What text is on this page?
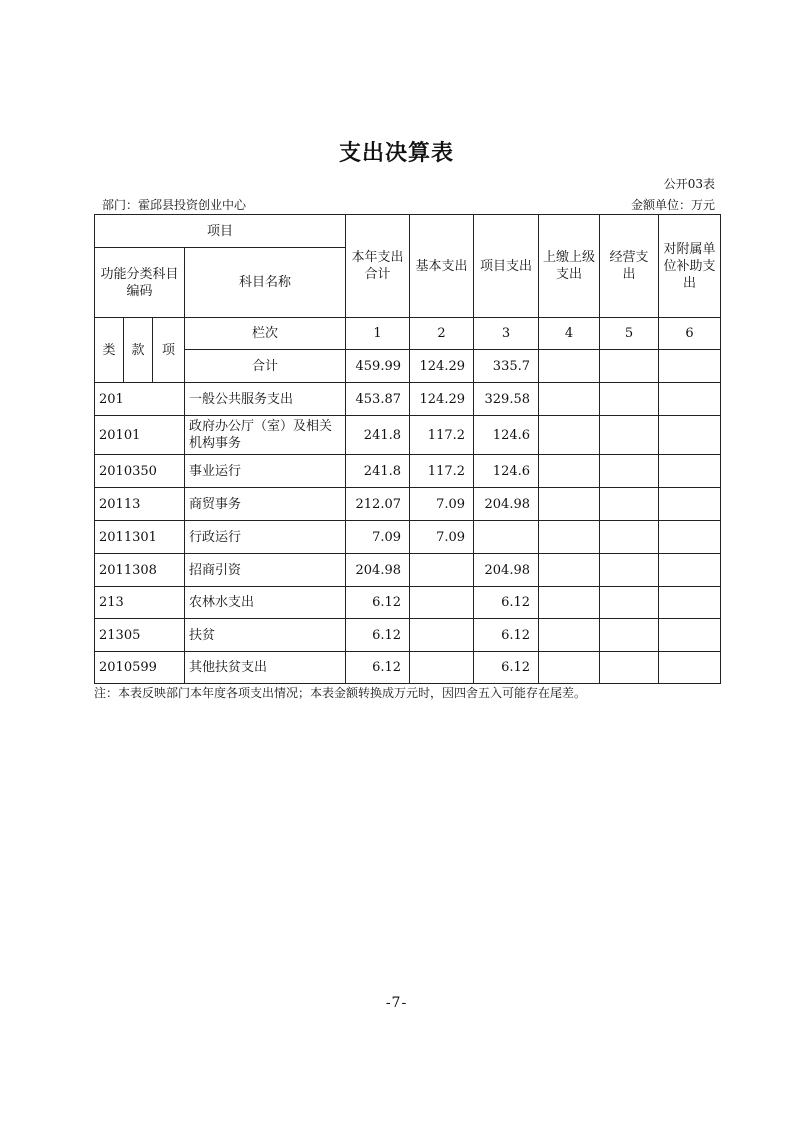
支出决算表
公开03表
部门：霍邱县投资创业中心	金额单位：万元
项目				本年支出合计	基本支出	项目支出	上缴上级支出	经营支出	对附属单位补助支出
功能分类科目编码			科目名称						
类	款	项	栏次	1	2	3	4	5	6
			合计	459.99	124.29	335.7			
201			一般公共服务支出	453.87	124.29	329.58			
20101			政府办公厅（室）及相关机构事务	241.8	117.2	124.6			
2010350			事业运行	241.8	117.2	124.6			
20113			商贸事务	212.07	7.09	204.98			
2011301			行政运行	7.09	7.09				
2011308			招商引资	204.98		204.98			
213			农林水支出	6.12		6.12			
21305			扶贫	6.12		6.12			
2010599			其他扶贫支出	6.12		6.12			
注：本表反映部门本年度各项支出情况；本表金额转换成万元时，因四舍五入可能存在尾差。
-7-
